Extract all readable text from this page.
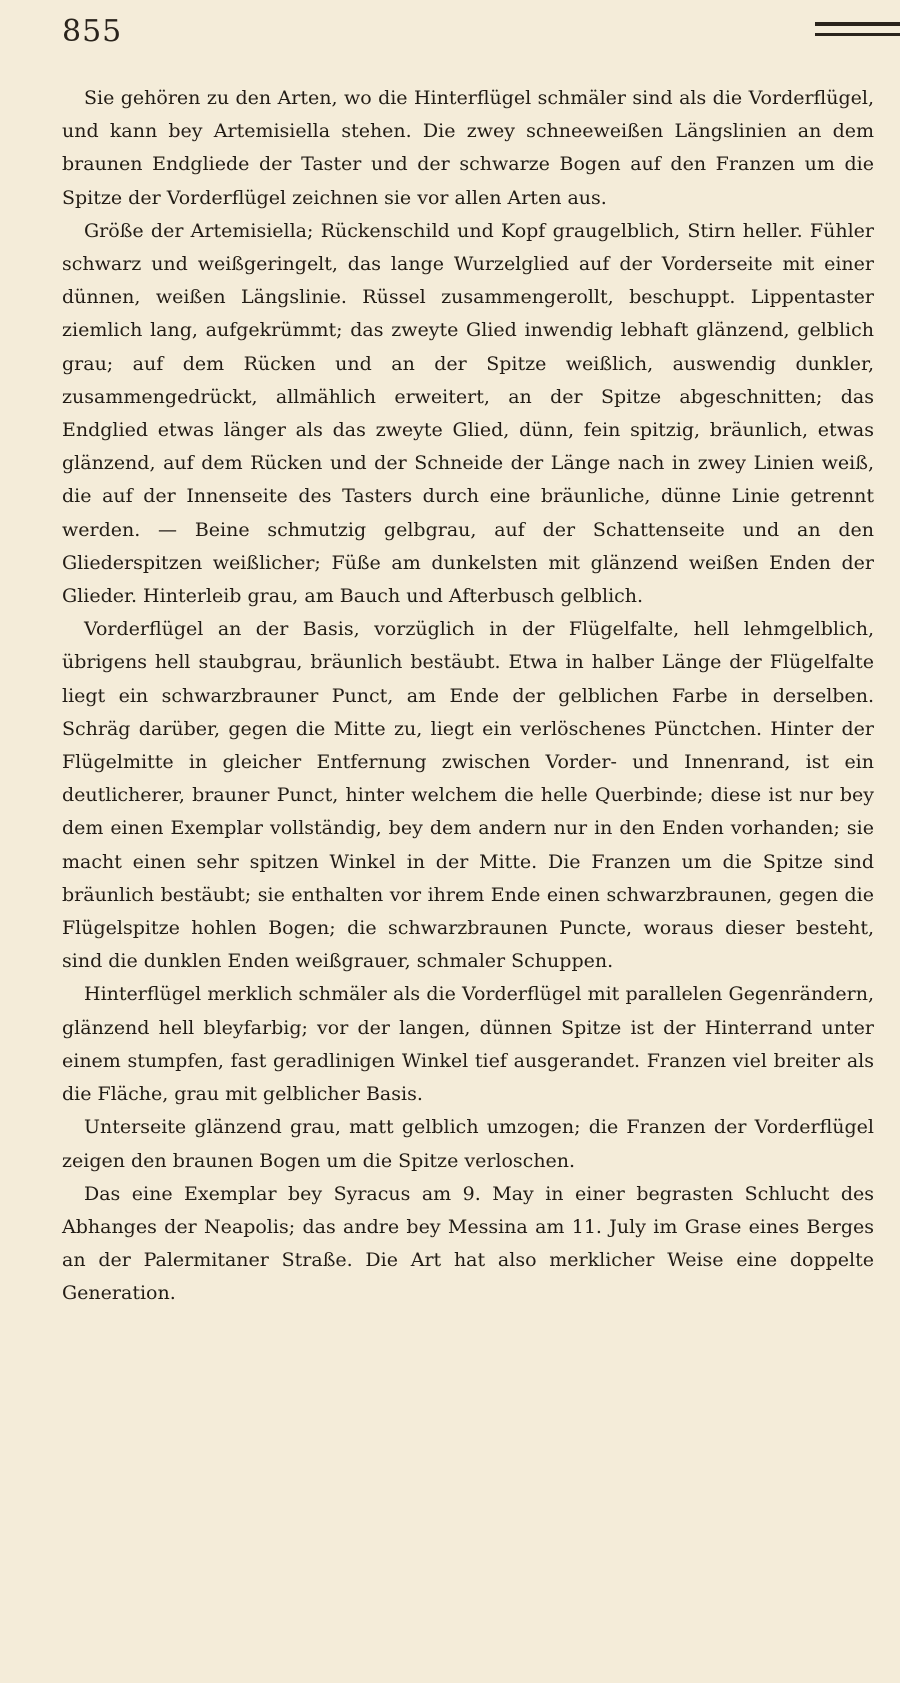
855

Sie gehören zu den Arten, wo die Hinterflügel schmäler sind als die Vorderflügel, und kann bey Artemisiella stehen. Die zwey schneeweißen Längslinien an dem braunen Endgliede der Taster und der schwarze Bogen auf den Franzen um die Spitze der Vorderflügel zeichnen sie vor allen Arten aus.

Größe der Artemisiella; Rückenschild und Kopf graugelblich, Stirn heller. Fühler schwarz und weißgeringelt, das lange Wurzelglied auf der Vorderseite mit einer dünnen, weißen Längslinie. Rüssel zusammengerollt, beschuppt. Lippentaster ziemlich lang, aufgekrümmt; das zweyte Glied inwendig lebhaft glänzend, gelblich grau; auf dem Rücken und an der Spitze weißlich, auswendig dunkler, zusammengedrückt, allmählich erweitert, an der Spitze abgeschnitten; das Endglied etwas länger als das zweyte Glied, dünn, fein spitzig, bräunlich, etwas glänzend, auf dem Rücken und der Schneide der Länge nach in zwey Linien weiß, die auf der Innenseite des Tasters durch eine bräunliche, dünne Linie getrennt werden. — Beine schmutzig gelbgrau, auf der Schattenseite und an den Gliederspitzen weißlicher; Füße am dunkelsten mit glänzend weißen Enden der Glieder. Hinterleib grau, am Bauch und Afterbusch gelblich.

Vorderflügel an der Basis, vorzüglich in der Flügelfalte, hell lehmgelblich, übrigens hell staubgrau, bräunlich bestäubt. Etwa in halber Länge der Flügelfalte liegt ein schwarzbrauner Punct, am Ende der gelblichen Farbe in derselben. Schräg darüber, gegen die Mitte zu, liegt ein verlöschenes Pünctchen. Hinter der Flügelmitte in gleicher Entfernung zwischen Vorder- und Innenrand, ist ein deutlicherer, brauner Punct, hinter welchem die helle Querbinde; diese ist nur bey dem einen Exemplar vollständig, bey dem andern nur in den Enden vorhanden; sie macht einen sehr spitzen Winkel in der Mitte. Die Franzen um die Spitze sind bräunlich bestäubt; sie enthalten vor ihrem Ende einen schwarzbraunen, gegen die Flügelspitze hohlen Bogen; die schwarzbraunen Puncte, woraus dieser besteht, sind die dunklen Enden weißgrauer, schmaler Schuppen.

Hinterflügel merklich schmäler als die Vorderflügel mit parallelen Gegenrändern, glänzend hell bleyfarbig; vor der langen, dünnen Spitze ist der Hinterrand unter einem stumpfen, fast geradlinigen Winkel tief ausgerandet. Franzen viel breiter als die Fläche, grau mit gelblicher Basis.

Unterseite glänzend grau, matt gelblich umzogen; die Franzen der Vorderflügel zeigen den braunen Bogen um die Spitze verloschen.

Das eine Exemplar bey Syracus am 9. May in einer begrasten Schlucht des Abhanges der Neapolis; das andre bey Messina am 11. July im Grase eines Berges an der Palermitaner Straße. Die Art hat also merklicher Weise eine doppelte Generation.
